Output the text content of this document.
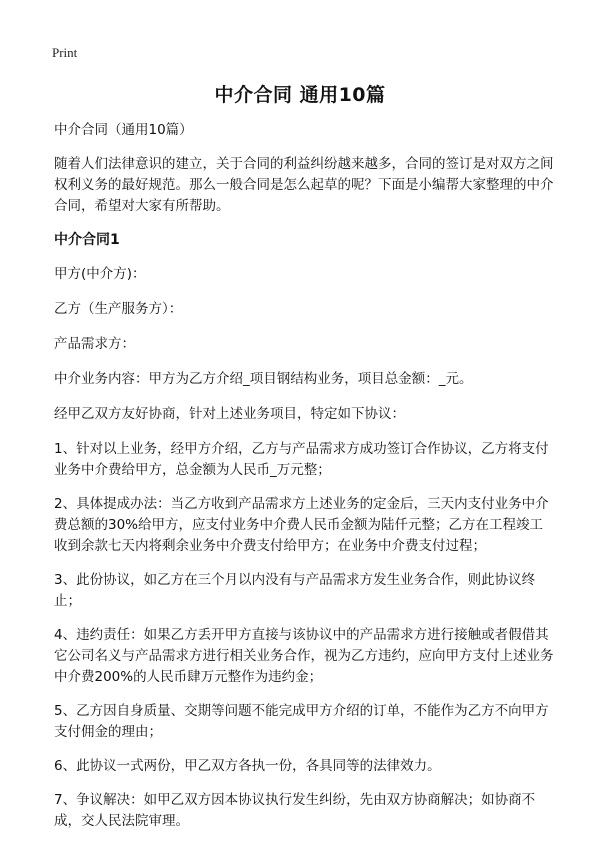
Print
中介合同 通用10篇
中介合同（通用10篇）
随着人们法律意识的建立，关于合同的利益纠纷越来越多，合同的签订是对双方之间权利义务的最好规范。那么一般合同是怎么起草的呢？下面是小编帮大家整理的中介合同，希望对大家有所帮助。
中介合同1
甲方(中介方)：
乙方（生产服务方）：
产品需求方：
中介业务内容：甲方为乙方介绍_项目钢结构业务，项目总金额：_元。
经甲乙双方友好协商，针对上述业务项目，特定如下协议：
1、针对以上业务，经甲方介绍，乙方与产品需求方成功签订合作协议，乙方将支付业务中介费给甲方，总金额为人民币_万元整；
2、具体提成办法：当乙方收到产品需求方上述业务的定金后，三天内支付业务中介费总额的30%给甲方，应支付业务中介费人民币金额为陆仟元整；乙方在工程竣工收到余款七天内将剩余业务中介费支付给甲方；在业务中介费支付过程；
3、此份协议，如乙方在三个月以内没有与产品需求方发生业务合作，则此协议终止；
4、违约责任：如果乙方丢开甲方直接与该协议中的产品需求方进行接触或者假借其它公司名义与产品需求方进行相关业务合作，视为乙方违约，应向甲方支付上述业务中介费200%的人民币肆万元整作为违约金；
5、乙方因自身质量、交期等问题不能完成甲方介绍的订单，不能作为乙方不向甲方支付佣金的理由；
6、此协议一式两份，甲乙双方各执一份，各具同等的法律效力。
7、争议解决：如甲乙双方因本协议执行发生纠纷，先由双方协商解决；如协商不成，交人民法院审理。
